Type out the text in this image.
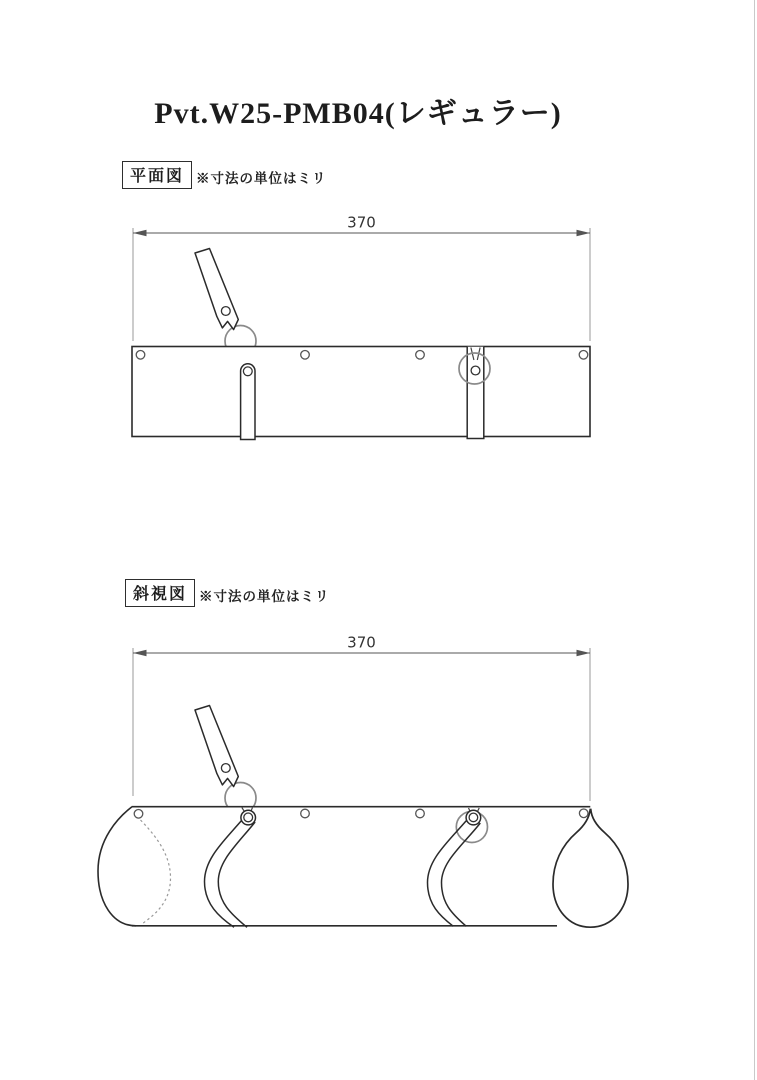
Pvt.W25-PMB04(レギュラー)
平面図 ※寸法の単位はミリ
斜視図 ※寸法の単位はミリ
370
370
